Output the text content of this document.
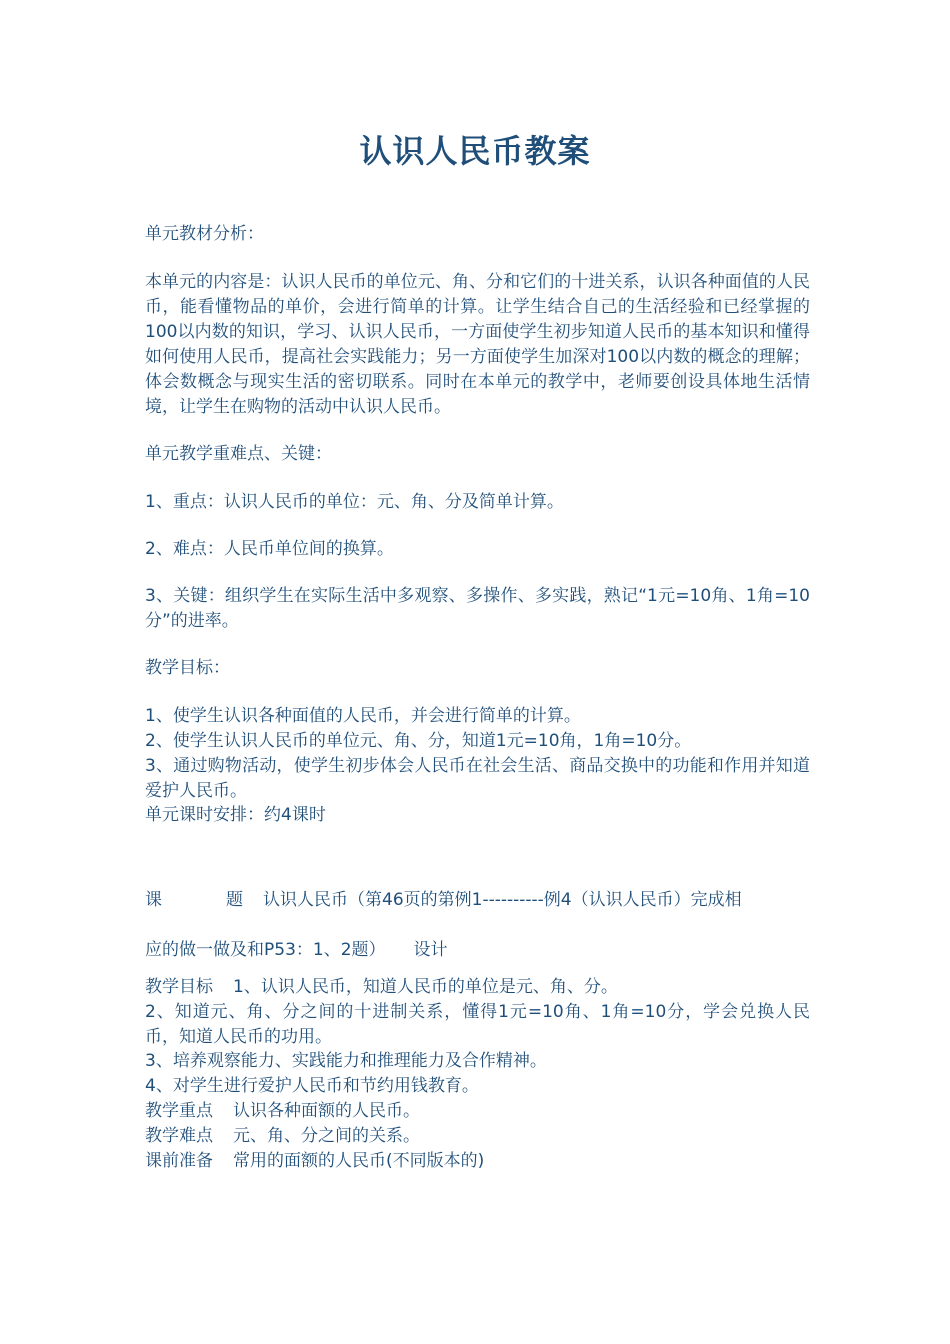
认识人民币教案
单元教材分析：
本单元的内容是：认识人民币的单位元、角、分和它们的十进关系，认识各种面值的人民币，能看懂物品的单价，会进行简单的计算。让学生结合自己的生活经验和已经掌握的100以内数的知识，学习、认识人民币，一方面使学生初步知道人民币的基本知识和懂得如何使用人民币，提高社会实践能力；另一方面使学生加深对100以内数的概念的理解；体会数概念与现实生活的密切联系。同时在本单元的教学中，老师要创设具体地生活情境，让学生在购物的活动中认识人民币。
单元教学重难点、关键：
1、重点：认识人民币的单位：元、角、分及简单计算。
2、难点：人民币单位间的换算。
3、关键：组织学生在实际生活中多观察、多操作、多实践，熟记“1元=10角、1角=10分”的进率。
教学目标：
1、使学生认识各种面值的人民币，并会进行简单的计算。
2、使学生认识人民币的单位元、角、分，知道1元=10角，1角=10分。
3、通过购物活动，使学生初步体会人民币在社会生活、商品交换中的功能和作用并知道爱护人民币。
单元课时安排：约4课时
课	题 认识人民币（第46页的第例1----------例4（认识人民币）完成相
应的做一做及和P53：1、2题） 设计
教学目标 1、认识人民币，知道人民币的单位是元、角、分。
2、知道元、角、分之间的十进制关系，懂得1元=10角、1角=10分，学会兑换人民币，知道人民币的功用。
3、培养观察能力、实践能力和推理能力及合作精神。
4、对学生进行爱护人民币和节约用钱教育。
教学重点 认识各种面额的人民币。
教学难点 元、角、分之间的关系。
课前准备 常用的面额的人民币(不同版本的)
